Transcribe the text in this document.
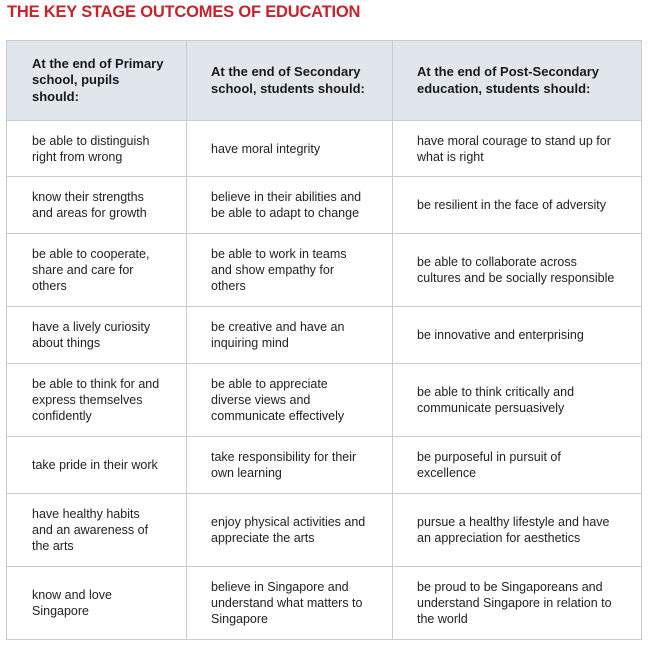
THE KEY STAGE OUTCOMES OF EDUCATION
At the end of Primary school, pupils should:	At the end of Secondary school, students should:	At the end of Post-Secondary education, students should:
be able to distinguish right from wrong	have moral integrity	have moral courage to stand up for what is right
know their strengths and areas for growth	believe in their abilities and be able to adapt to change	be resilient in the face of adversity
be able to cooperate, share and care for others	be able to work in teams and show empathy for others	be able to collaborate across cultures and be socially responsible
have a lively curiosity about things	be creative and have an inquiring mind	be innovative and enterprising
be able to think for and express themselves confidently	be able to appreciate diverse views and communicate effectively	be able to think critically and communicate persuasively
take pride in their work	take responsibility for their own learning	be purposeful in pursuit of excellence
have healthy habits and an awareness of the arts	enjoy physical activities and appreciate the arts	pursue a healthy lifestyle and have an appreciation for aesthetics
know and love Singapore	believe in Singapore and understand what matters to Singapore	be proud to be Singaporeans and understand Singapore in relation to the world
